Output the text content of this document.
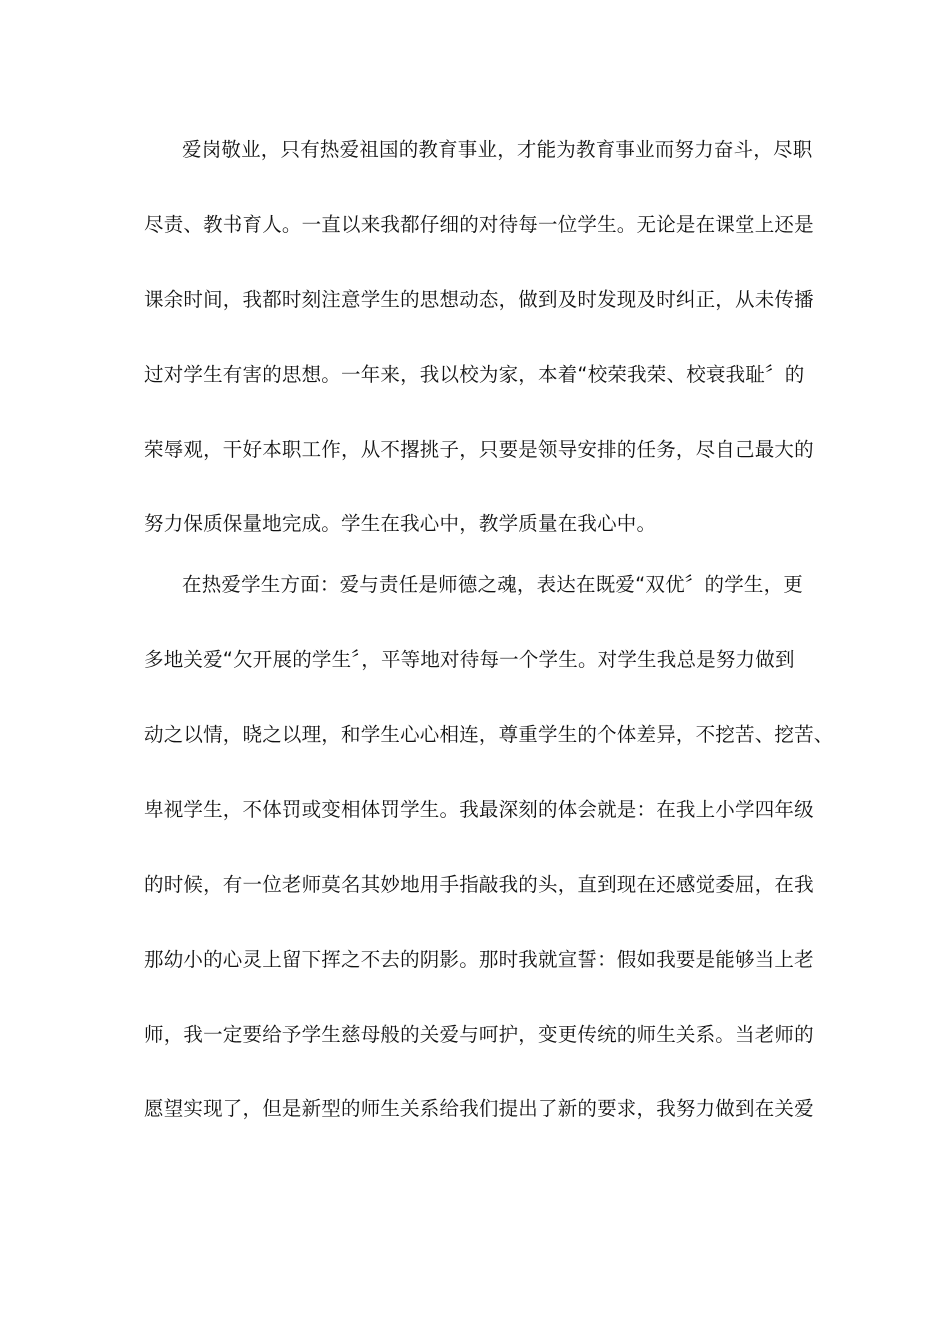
爱岗敬业，只有热爱祖国的教育事业，才能为教育事业而努力奋斗，尽职
尽责、教书育人。一直以来我都仔细的对待每一位学生。无论是在课堂上还是
课余时间，我都时刻注意学生的思想动态，做到及时发现及时纠正，从未传播
过对学生有害的思想。一年来，我以校为家，本着“校荣我荣、校衰我耻〞的
荣辱观，干好本职工作，从不撂挑子，只要是领导安排的任务，尽自己最大的
努力保质保量地完成。学生在我心中，教学质量在我心中。
在热爱学生方面：爱与责任是师德之魂，表达在既爱“双优〞的学生，更
多地关爱“欠开展的学生〞，平等地对待每一个学生。对学生我总是努力做到
动之以情，晓之以理，和学生心心相连，尊重学生的个体差异，不挖苦、挖苦、
卑视学生，不体罚或变相体罚学生。我最深刻的体会就是：在我上小学四年级
的时候，有一位老师莫名其妙地用手指敲我的头，直到现在还感觉委屈，在我
那幼小的心灵上留下挥之不去的阴影。那时我就宣誓：假如我要是能够当上老
师，我一定要给予学生慈母般的关爱与呵护，变更传统的师生关系。当老师的
愿望实现了，但是新型的师生关系给我们提出了新的要求，我努力做到在关爱
